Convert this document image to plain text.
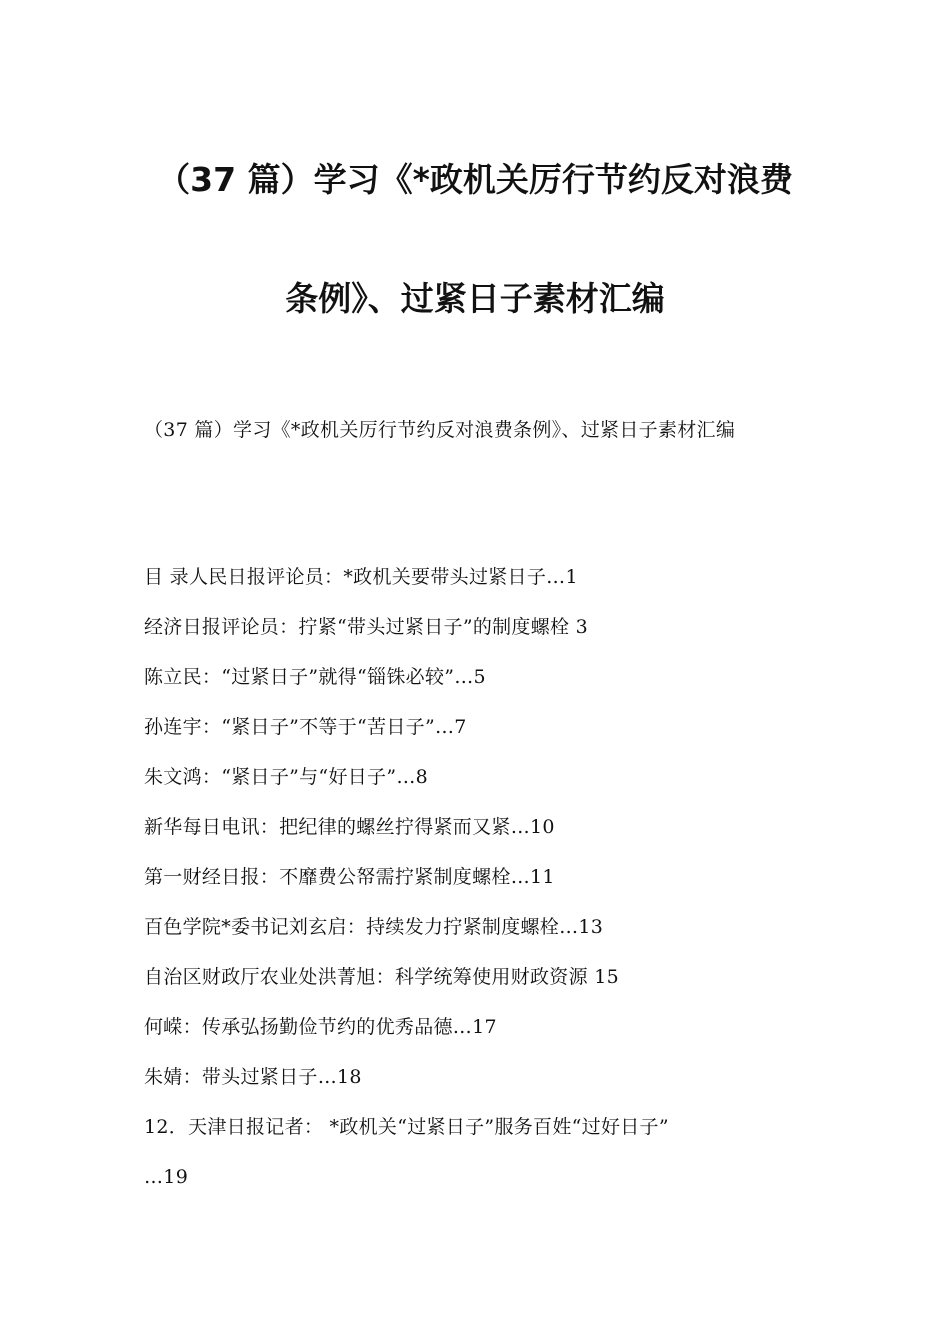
（37 篇）学习《*政机关厉行节约反对浪费
条例》、过紧日子素材汇编
（37 篇）学习《*政机关厉行节约反对浪费条例》、过紧日子素材汇编
目 录人民日报评论员：*政机关要带头过紧日子…1
经济日报评论员：拧紧“带头过紧日子”的制度螺栓 3
陈立民：“过紧日子”就得“锱铢必较”…5
孙连宇：“紧日子”不等于“苦日子”…7
朱文鸿：“紧日子”与“好日子”…8
新华每日电讯：把纪律的螺丝拧得紧而又紧…10
第一财经日报：不靡费公帑需拧紧制度螺栓…11
百色学院*委书记刘玄启：持续发力拧紧制度螺栓…13
自治区财政厅农业处洪菁旭：科学统筹使用财政资源 15
何嵘：传承弘扬勤俭节约的优秀品德…17
朱婧：带头过紧日子…18
12．天津日报记者： *政机关“过紧日子”服务百姓“过好日子”
…19
